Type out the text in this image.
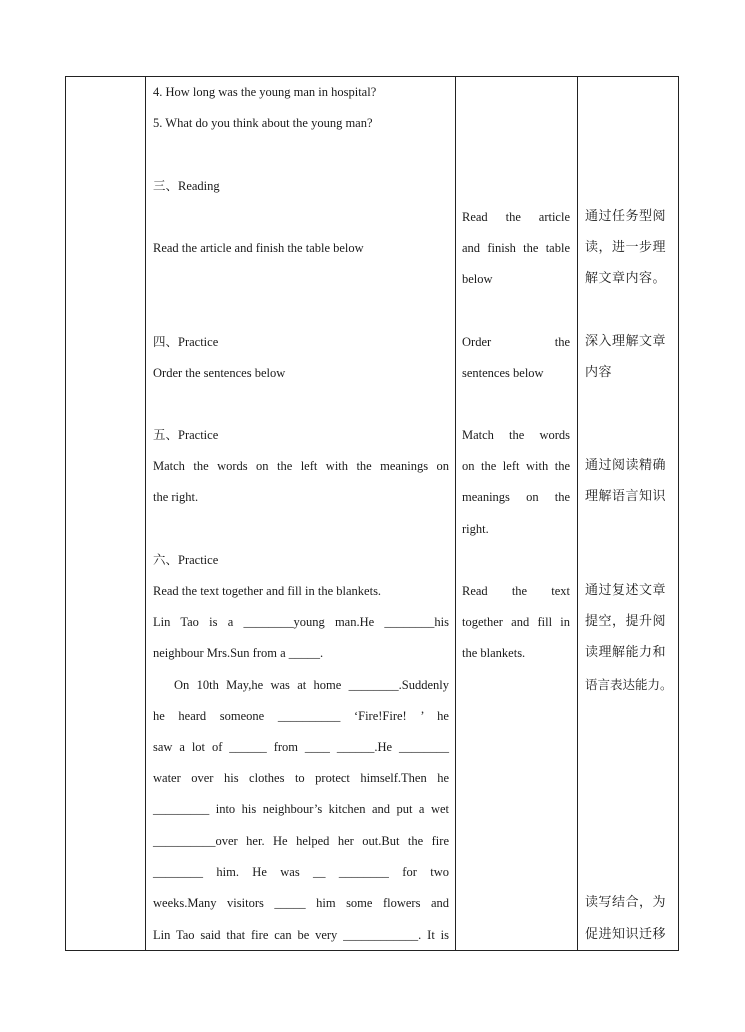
4. How long was the young man in hospital?
5. What do you think about the young man?
三、Reading
Read the article and finish the table below
四、Practice
Order the sentences below
五、Practice
Match the words on the left with the meanings on
the right.
六、Practice
Read the text together and fill in the blankets.
Lin Tao is a ________young man.He ________his
neighbour Mrs.Sun from a _____.
On 10th May,he was at home ________.Suddenly
he heard someone __________ ‘Fire!Fire! ’ he
saw a lot of ______ from ____ ______.He ________
water over his clothes to protect himself.Then he
_________ into his neighbour’s kitchen and put a wet
__________over her. He helped her out.But the fire
________ him. He was __ ________ for two
weeks.Many visitors _____ him some flowers and
Lin Tao said that fire can be very ____________. It is
Read the article
and finish the table
below
Order the
sentences below
Match the words
on the left with the
meanings on the
right.
Read the text
together and fill in
the blankets.
通过任务型阅
读，进一步理
解文章内容。
深入理解文章
内容
通过阅读精确
理解语言知识
通过复述文章
提空，提升阅
读理解能力和
语言表达能力。
读写结合，为
促进知识迁移
